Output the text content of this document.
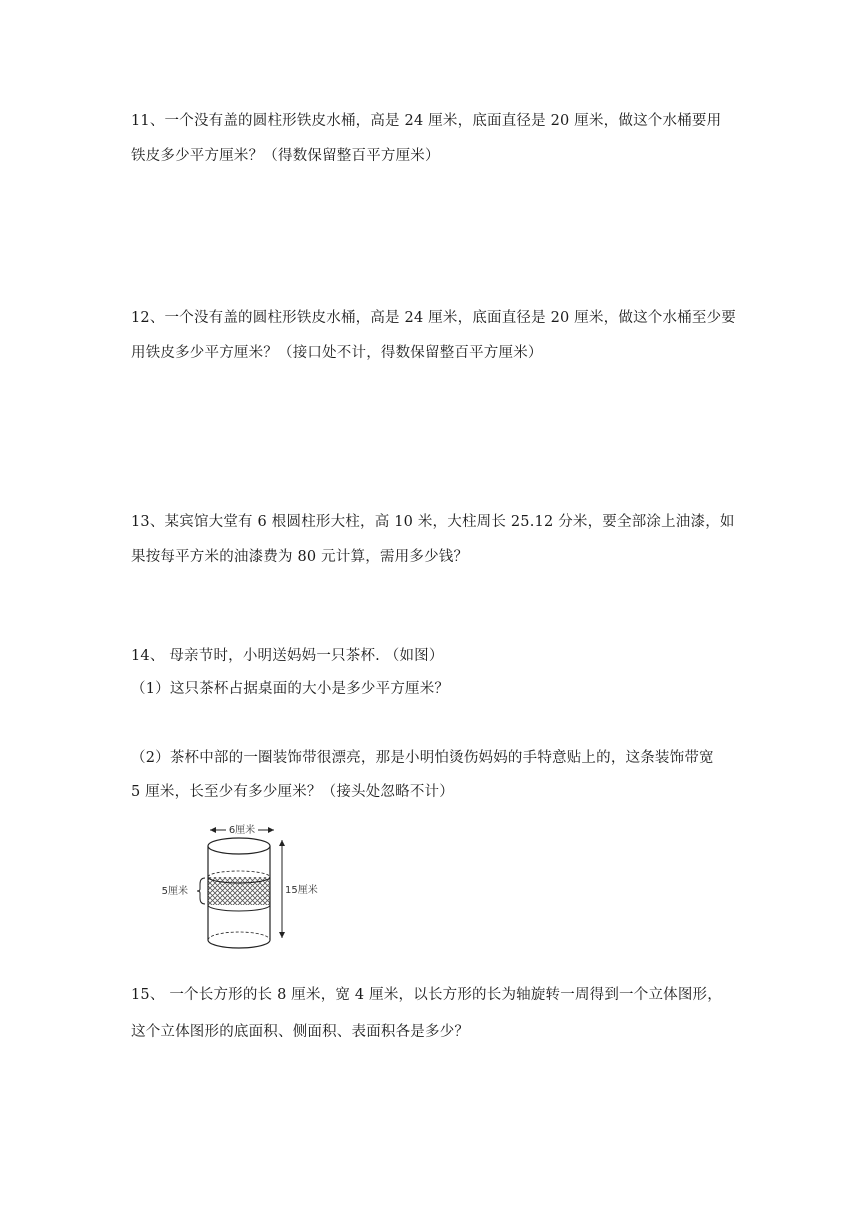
11、一个没有盖的圆柱形铁皮水桶，高是 24 厘米，底面直径是 20 厘米，做这个水桶要用
铁皮多少平方厘米？（得数保留整百平方厘米）
12、一个没有盖的圆柱形铁皮水桶，高是 24 厘米，底面直径是 20 厘米，做这个水桶至少要
用铁皮多少平方厘米？（接口处不计，得数保留整百平方厘米）
13、某宾馆大堂有 6 根圆柱形大柱，高 10 米，大柱周长 25.12 分米，要全部涂上油漆，如
果按每平方米的油漆费为 80 元计算，需用多少钱？
14、 母亲节时，小明送妈妈一只茶杯. （如图）
（1）这只茶杯占据桌面的大小是多少平方厘米？
（2）茶杯中部的一圈装饰带很漂亮，那是小明怕烫伤妈妈的手特意贴上的，这条装饰带宽
5 厘米，长至少有多少厘米？（接头处忽略不计）
6厘米
5厘米	15厘米
15、 一个长方形的长 8 厘米，宽 4 厘米，以长方形的长为轴旋转一周得到一个立体图形，
这个立体图形的底面积、侧面积、表面积各是多少？
